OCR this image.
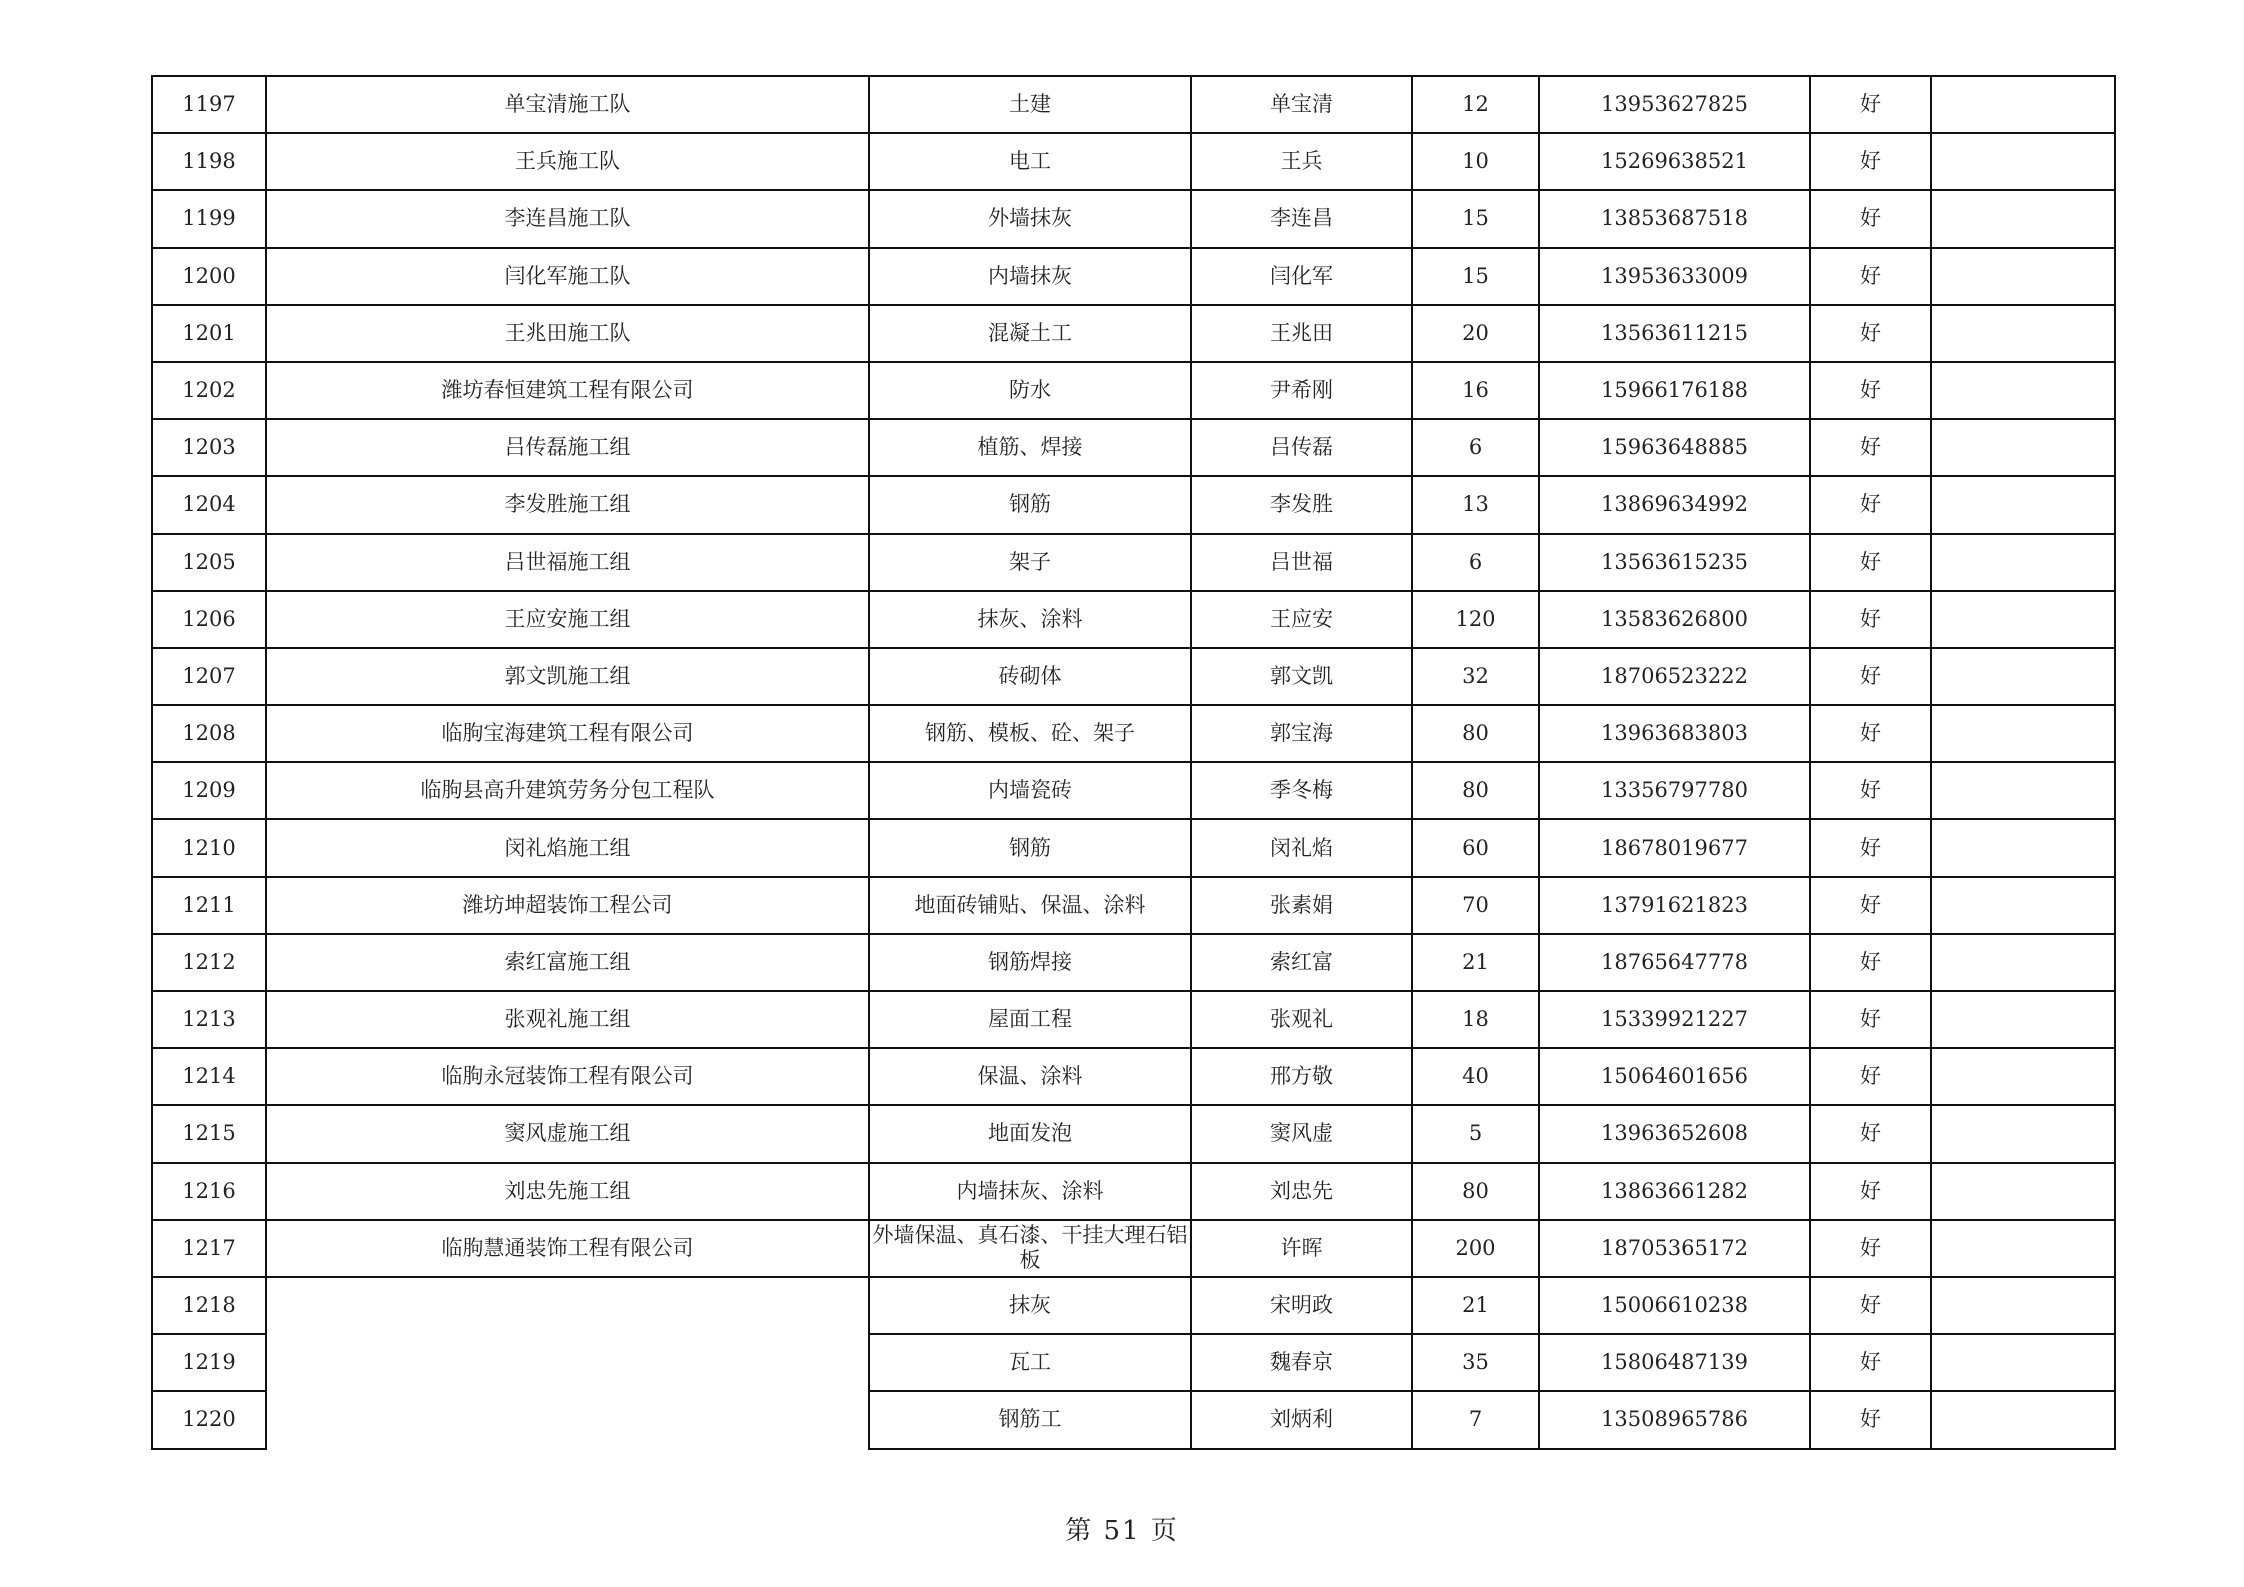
1197	单宝清施工队	土建	单宝清	12	13953627825	好	
1198	王兵施工队	电工	王兵	10	15269638521	好	
1199	李连昌施工队	外墙抹灰	李连昌	15	13853687518	好	
1200	闫化军施工队	内墙抹灰	闫化军	15	13953633009	好	
1201	王兆田施工队	混凝土工	王兆田	20	13563611215	好	
1202	潍坊春恒建筑工程有限公司	防水	尹希刚	16	15966176188	好	
1203	吕传磊施工组	植筋、焊接	吕传磊	6	15963648885	好	
1204	李发胜施工组	钢筋	李发胜	13	13869634992	好	
1205	吕世福施工组	架子	吕世福	6	13563615235	好	
1206	王应安施工组	抹灰、涂料	王应安	120	13583626800	好	
1207	郭文凯施工组	砖砌体	郭文凯	32	18706523222	好	
1208	临朐宝海建筑工程有限公司	钢筋、模板、砼、架子	郭宝海	80	13963683803	好	
1209	临朐县高升建筑劳务分包工程队	内墙瓷砖	季冬梅	80	13356797780	好	
1210	闵礼焰施工组	钢筋	闵礼焰	60	18678019677	好	
1211	潍坊坤超装饰工程公司	地面砖铺贴、保温、涂料	张素娟	70	13791621823	好	
1212	索红富施工组	钢筋焊接	索红富	21	18765647778	好	
1213	张观礼施工组	屋面工程	张观礼	18	15339921227	好	
1214	临朐永冠装饰工程有限公司	保温、涂料	邢方敬	40	15064601656	好	
1215	窦风虚施工组	地面发泡	窦风虚	5	13963652608	好	
1216	刘忠先施工组	内墙抹灰、涂料	刘忠先	80	13863661282	好	
1217	临朐慧通装饰工程有限公司	外墙保温、真石漆、干挂大理石铝板	许晖	200	18705365172	好	
1218		抹灰	宋明政	21	15006610238	好	
1219		瓦工	魏春京	35	15806487139	好	
1220		钢筋工	刘炳利	7	13508965786	好	
第 51 页
